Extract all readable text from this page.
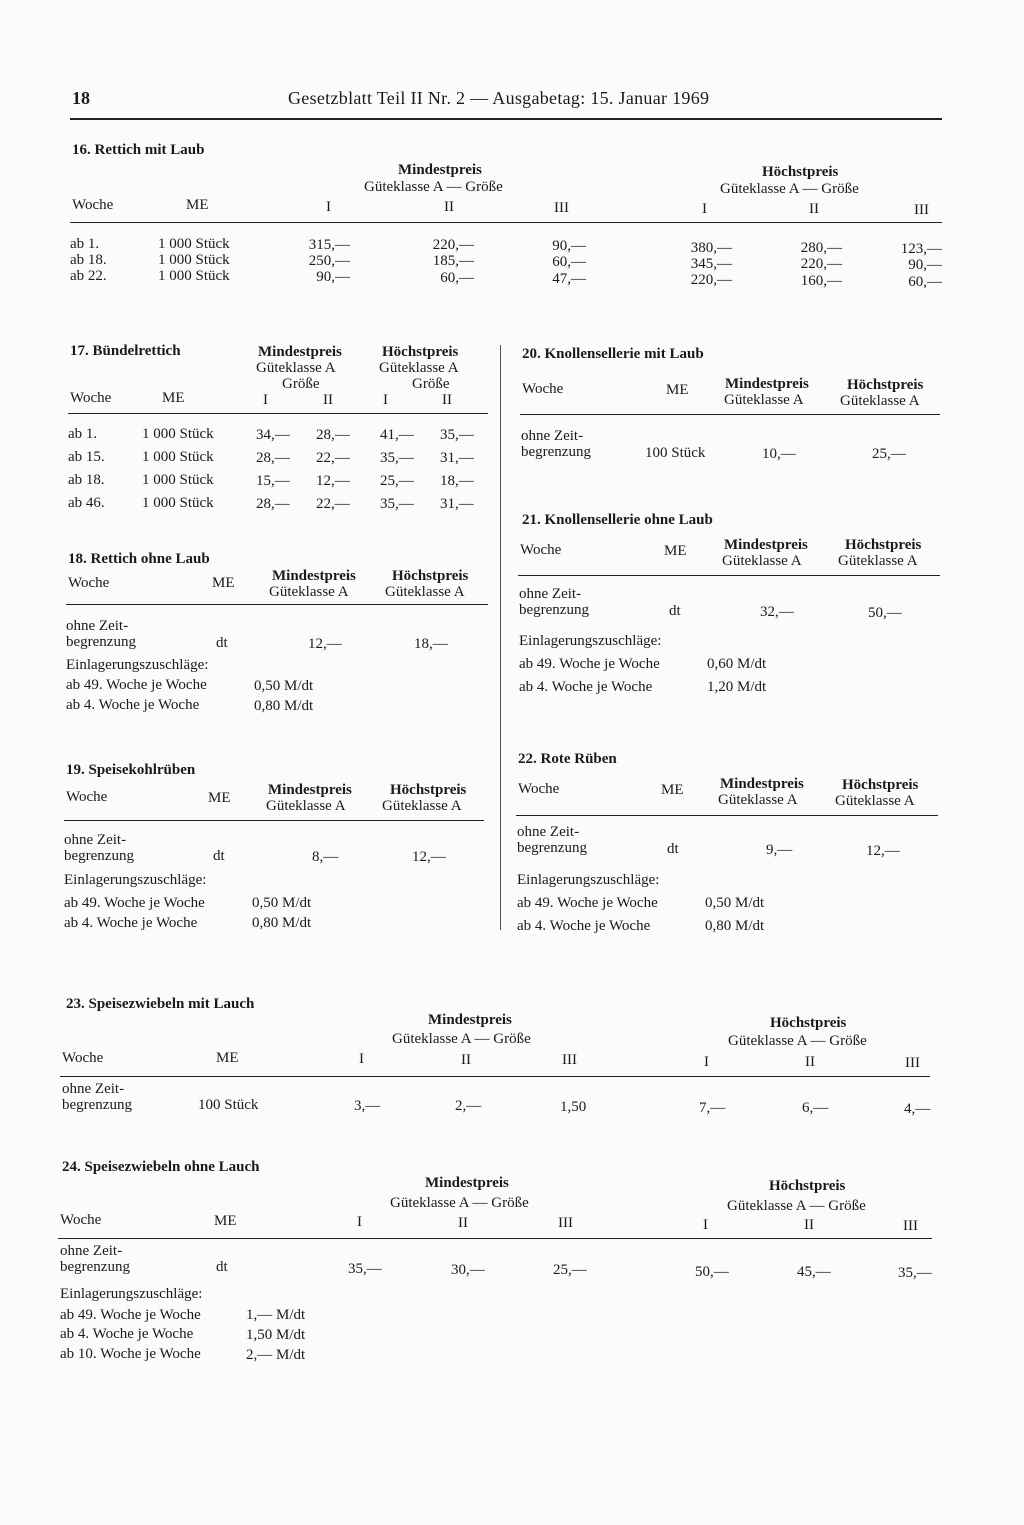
18	Gesetzblatt Teil II Nr. 2 — Ausgabetag: 15. Januar 1969
16. Rettich mit Laub
Mindestpreis
Güteklasse A — Größe
Höchstpreis
Güteklasse A — Größe
Woche	ME	I	II	III	I	II	III
ab 1.	1 000 Stück	315,—	220,—	90,—	380,—	280,—	123,—
ab 18.	1 000 Stück	250,—	185,—	60,—	345,—	220,—	90,—
ab 22.	1 000 Stück	90,—	60,—	47,—	220,—	160,—	60,—
17. Bündelrettich	Mindestpreis
Güteklasse A
Größe
Höchstpreis
Güteklasse A
Größe
Woche	ME	I	II	I	II
ab 1.	1 000 Stück	34,— 28,— 41,— 35,—
ab 15. 1 000 Stück	28,— 22,— 35,— 31,—
ab 18. 1 000 Stück	15,— 12,— 25,— 18,—
ab 46. 1 000 Stück	28,— 22,— 35,— 31,—
18. Rettich ohne Laub
Woche	ME	Mindestpreis
Güteklasse A
Höchstpreis
Güteklasse A
ohne Zeit-
begrenzung	dt	12,—	18,—
Einlagerungszuschläge:
ab 49. Woche je Woche	0,50 M/dt
ab 4. Woche je Woche	0,80 M/dt
19. Speisekohlrüben
Woche	ME	Mindestpreis
Güteklasse A
Höchstpreis
Güteklasse A
ohne Zeit-
begrenzung	dt	8,—	12,—
Einlagerungszuschläge:
ab 49. Woche je Woche	0,50 M/dt
ab 4. Woche je Woche	0,80 M/dt
20. Knollensellerie mit Laub
Woche	ME Mindestpreis
Güteklasse A
Höchstpreis
Güteklasse A
ohne Zeit-
begrenzung	100 Stück	10,—	25,—
21. Knollensellerie ohne Laub
Woche	ME	Mindestpreis
Güteklasse A
Höchstpreis
Güteklasse A
ohne Zeit-
begrenzung	dt	32,—	50,—
Einlagerungszuschläge:
ab 49. Woche je Woche	0,60 M/dt
ab 4. Woche je Woche	1,20 M/dt
22. Rote Rüben
Woche	ME Mindestpreis
Güteklasse A
Höchstpreis
Güteklasse A
ohne Zeit-
begrenzung	dt	9,—	12,—
Einlagerungszuschläge:
ab 49. Woche je Woche	0,50 M/dt
ab 4. Woche je Woche	0,80 M/dt
23. Speisezwiebeln mit Lauch
Mindestpreis
Güteklasse A — Größe
Höchstpreis
Güteklasse A — Größe
Woche	ME	I	II	III	I	II	III
ohne Zeit-
begrenzung	100 Stück	3,—	2,—	1,50	7,—	6,—	4,—
24. Speisezwiebeln ohne Lauch
Mindestpreis
Güteklasse A — Größe
Höchstpreis
Güteklasse A — Größe
Woche	ME	I	II	III	I	II	III
ohne Zeit-
begrenzung	dt	35,—	30,—	25,—	50,—	45,—	35,—
Einlagerungszuschläge:
ab 49. Woche je Woche	1,— M/dt
ab 4. Woche je Woche	1,50 M/dt
ab 10. Woche je Woche	2,— M/dt
